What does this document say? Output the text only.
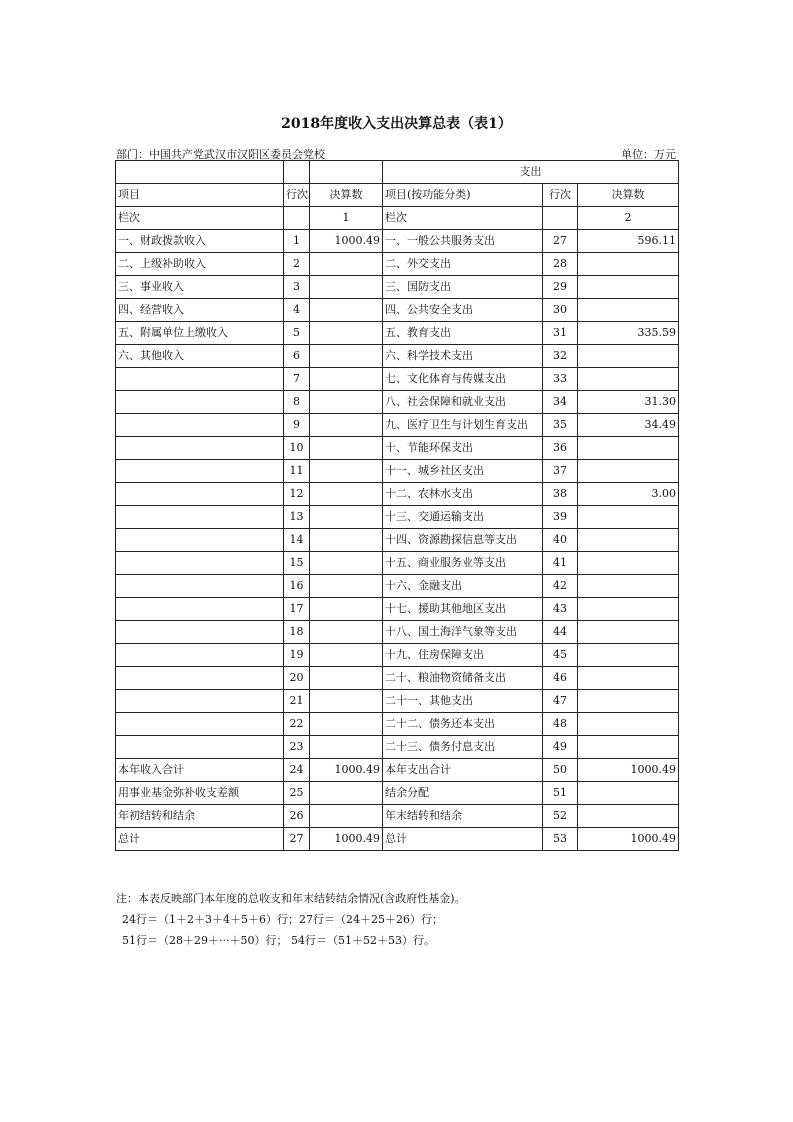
2018年度收入支出决算总表（表1）
部门：中国共产党武汉市汉阳区委员会党校	单位：万元
			支出		
项目	行次	决算数	项目(按功能分类)	行次	决算数
栏次		1	栏次		2
一、财政拨款收入	1	1000.49	一、一般公共服务支出	27	596.11
二、上级补助收入	2		二、外交支出	28	
三、事业收入	3		三、国防支出	29	
四、经营收入	4		四、公共安全支出	30	
五、附属单位上缴收入	5		五、教育支出	31	335.59
六、其他收入	6		六、科学技术支出	32	
	7		七、文化体育与传媒支出	33	
	8		八、社会保障和就业支出	34	31.30
	9		九、医疗卫生与计划生育支出	35	34.49
	10		十、节能环保支出	36	
	11		十一、城乡社区支出	37	
	12		十二、农林水支出	38	3.00
	13		十三、交通运输支出	39	
	14		十四、资源勘探信息等支出	40	
	15		十五、商业服务业等支出	41	
	16		十六、金融支出	42	
	17		十七、援助其他地区支出	43	
	18		十八、国土海洋气象等支出	44	
	19		十九、住房保障支出	45	
	20		二十、粮油物资储备支出	46	
	21		二十一、其他支出	47	
	22		二十二、债务还本支出	48	
	23		二十三、债务付息支出	49	
本年收入合计	24	1000.49	本年支出合计	50	1000.49
用事业基金弥补收支差额	25		结余分配	51	
年初结转和结余	26		年末结转和结余	52	
总计	27	1000.49	总计	53	1000.49
注：本表反映部门本年度的总收支和年末结转结余情况(含政府性基金)。
24行＝（1＋2＋3＋4＋5＋6）行；27行＝（24＋25＋26）行；
51行＝（28＋29＋···＋50）行； 54行＝（51＋52＋53）行。
